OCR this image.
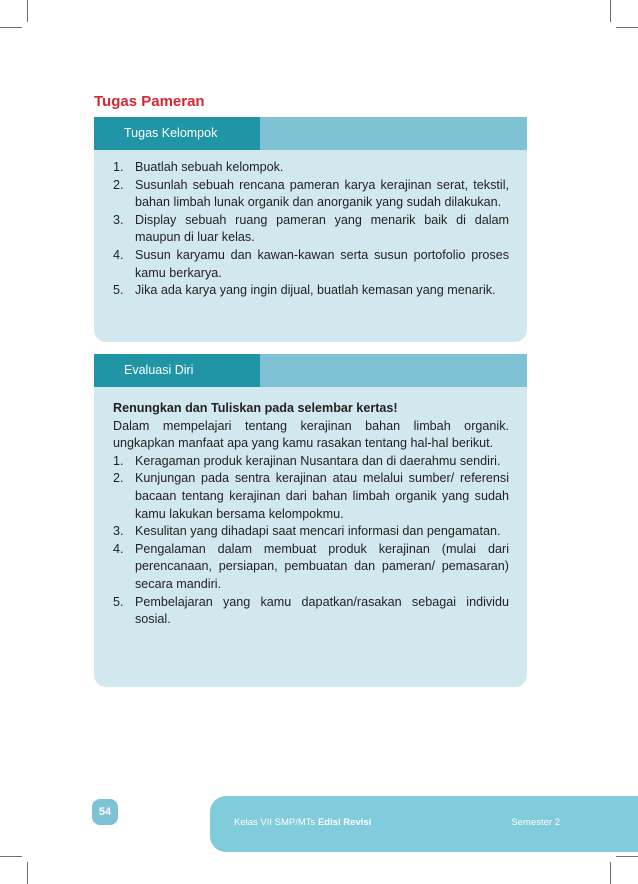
Tugas Pameran
Tugas Kelompok
1. Buatlah sebuah kelompok.
2. Susunlah sebuah rencana pameran karya kerajinan serat, tekstil, bahan limbah lunak organik dan anorganik yang sudah dilakukan.
3. Display sebuah ruang pameran yang menarik baik di dalam maupun di luar kelas.
4. Susun karyamu dan kawan-kawan serta susun portofolio proses kamu berkarya.
5. Jika ada karya yang ingin dijual, buatlah kemasan yang menarik.
Evaluasi Diri
Renungkan dan Tuliskan pada selembar kertas!
Dalam mempelajari tentang kerajinan bahan limbah organik. ungkapkan manfaat apa yang kamu rasakan tentang hal-hal berikut.
1. Keragaman produk kerajinan Nusantara dan di daerahmu sendiri.
2. Kunjungan pada sentra kerajinan atau melalui sumber/ referensi bacaan tentang kerajinan dari bahan limbah organik yang sudah kamu lakukan bersama kelompokmu.
3. Kesulitan yang dihadapi saat mencari informasi dan pengamatan.
4. Pengalaman dalam membuat produk kerajinan (mulai dari perencanaan, persiapan, pembuatan dan pameran/ pemasaran) secara mandiri.
5. Pembelajaran yang kamu dapatkan/rasakan sebagai individu sosial.
54
Kelas VII SMP/MTs Edisi Revisi	Semester 2
